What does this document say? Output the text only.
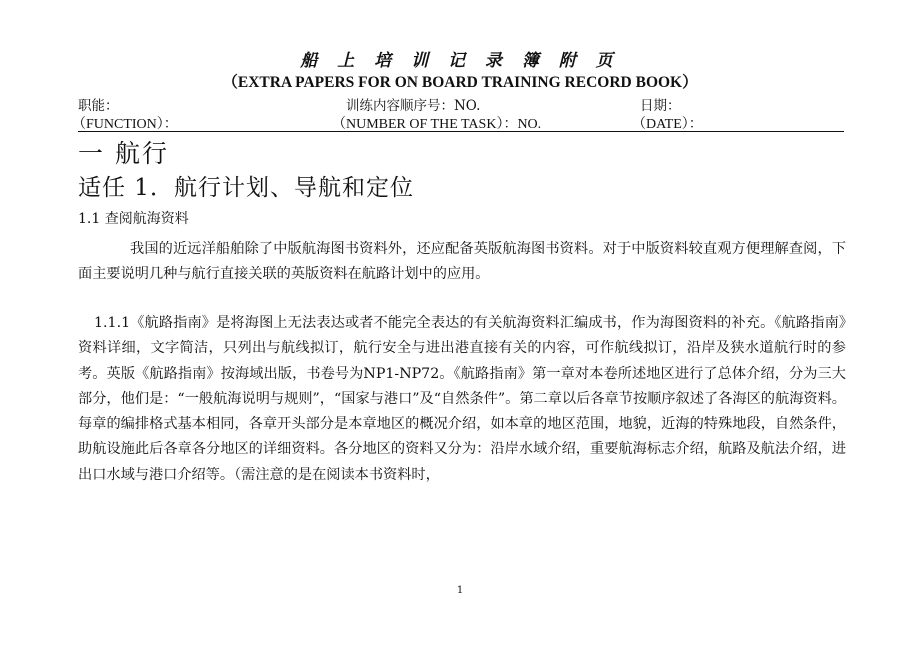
船 上 培 训 记 录 簿 附 页
（EXTRA PAPERS FOR ON BOARD TRAINING RECORD BOOK）
职能：	训练内容顺序号：NO.	日期：
（FUNCTION）：	（NUMBER OF THE TASK）：NO.	（DATE）：
一 航行
适任 1．航行计划、导航和定位
1.1 查阅航海资料

我国的近远洋船舶除了中版航海图书资料外，还应配备英版航海图书资料。对于中版资料较直观方便理解查阅，下面主要说明几种与航行直接关联的英版资料在航路计划中的应用。

1.1.1《航路指南》是将海图上无法表达或者不能完全表达的有关航海资料汇编成书，作为海图资料的补充。《航路指南》资料详细，文字简洁，只列出与航线拟订，航行安全与进出港直接有关的内容，可作航线拟订，沿岸及狭水道航行时的参考。英版《航路指南》按海域出版，书卷号为NP1-NP72。《航路指南》第一章对本卷所述地区进行了总体介绍，分为三大部分，他们是：“一般航海说明与规则”，“国家与港口”及“自然条件”。第二章以后各章节按顺序叙述了各海区的航海资料。每章的编排格式基本相同，各章开头部分是本章地区的概况介绍，如本章的地区范围，地貌，近海的特殊地段，自然条件，助航设施此后各章各分地区的详细资料。各分地区的资料又分为：沿岸水域介绍，重要航海标志介绍，航路及航法介绍，进出口水域与港口介绍等。（需注意的是在阅读本书资料时，

1
